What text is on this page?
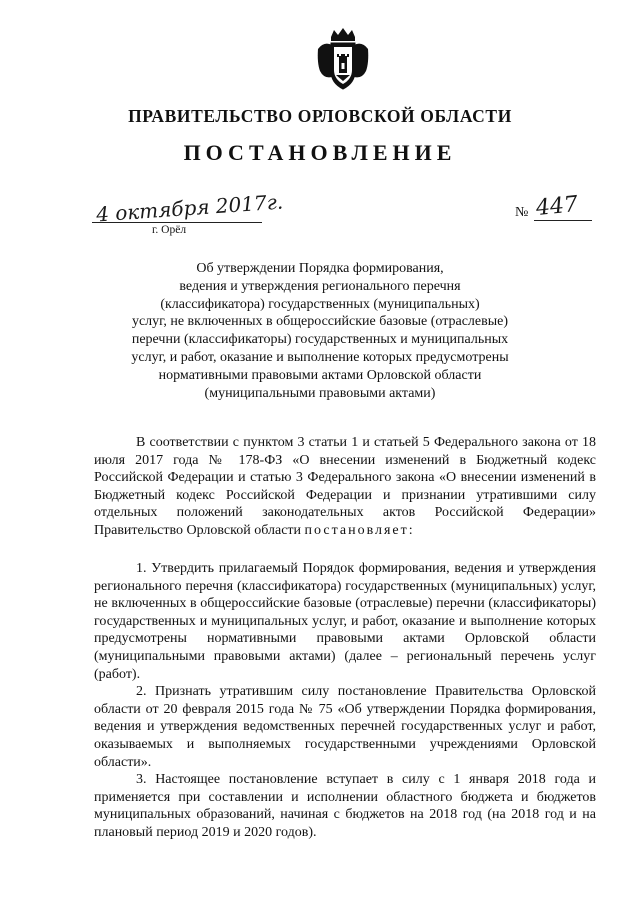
ПРАВИТЕЛЬСТВО ОРЛОВСКОЙ ОБЛАСТИ
ПОСТАНОВЛЕНИЕ
4 октября 2017г.
г. Орёл
№ 447
Об утверждении Порядка формирования,
ведения и утверждения регионального перечня
(классификатора) государственных (муниципальных)
услуг, не включенных в общероссийские базовые (отраслевые)
перечни (классификаторы) государственных и муниципальных
услуг, и работ, оказание и выполнение которых предусмотрены
нормативными правовыми актами Орловской области
(муниципальными правовыми актами)

В соответствии с пунктом 3 статьи 1 и статьей 5 Федерального закона от 18 июля 2017 года № 178-ФЗ «О внесении изменений в Бюджетный кодекс Российской Федерации и статью 3 Федерального закона «О внесении изменений в Бюджетный кодекс Российской Федерации и признании утратившими силу отдельных положений законодательных актов Российской Федерации» Правительство Орловской области постановляет:

1. Утвердить прилагаемый Порядок формирования, ведения и утверждения регионального перечня (классификатора) государственных (муниципальных) услуг, не включенных в общероссийские базовые (отраслевые) перечни (классификаторы) государственных и муниципальных услуг, и работ, оказание и выполнение которых предусмотрены нормативными правовыми актами Орловской области (муниципальными правовыми актами) (далее – региональный перечень услуг (работ).

2. Признать утратившим силу постановление Правительства Орловской области от 20 февраля 2015 года № 75 «Об утверждении Порядка формирования, ведения и утверждения ведомственных перечней государственных услуг и работ, оказываемых и выполняемых государственными учреждениями Орловской области».

3. Настоящее постановление вступает в силу с 1 января 2018 года и применяется при составлении и исполнении областного бюджета и бюджетов муниципальных образований, начиная с бюджетов на 2018 год (на 2018 год и на плановый период 2019 и 2020 годов).
